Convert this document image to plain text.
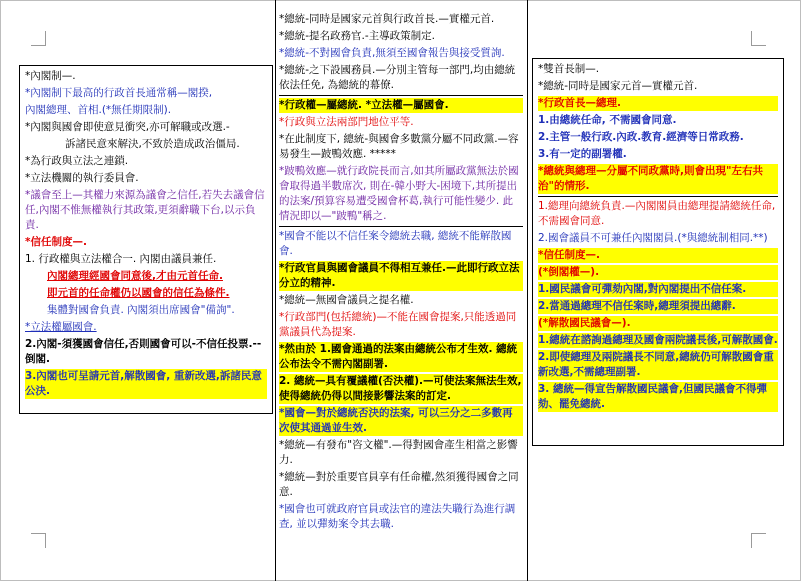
*內閣制—.

*內閣制下最高的行政首長通常稱—閣揆,

內閣總理、首相.(*無任期限制).

*內閣與國會即使意見衝突,亦可解職或改選.-

訴諸民意來解決,不致於造成政治僵局.

*為行政與立法之連鎖.

*立法機關的執行委員會.

*議會至上—其權力來源為議會之信任,若失去議會信任,內閣不惟無權執行其政策,更須辭職下台,以示負責.

*信任制度—.

1. 行政權與立法權合一. 內閣由議員兼任.

內閣總理經國會同意後,才由元首任命.

即元首的任命權仍以國會的信任為條件.

集體對國會負責. 內閣須出席國會"備詢".

*立法權屬國會.

2.內閣-須獲國會信任,否則國會可以-不信任投票.--倒閣.

3.內閣也可呈請元首,解散國會, 重新改選,訴諸民意公決.

*總統-同時是國家元首與行政首長.—實權元首.

*總統-提名政務官.-主導政策制定.

*總統-不對國會負責,無須至國會報告與接受質詢.

*總統-之下設國務員.—分別主管每一部門,均由總統依法任免, 為總統的幕僚.

*行政權—屬總統. *立法權—屬國會.

*行政與立法兩部門地位平等.

*在此制度下, 總統-與國會多數黨分屬不同政黨.—容易發生—跛鴨效應. *****

*跛鴨效應—就行政院長而言,如其所屬政黨無法於國會取得過半數席次, 則在-韓小野大-困境下,其所提出的法案/預算容易遭受國會杯葛,執行可能性變少. 此情況即以—"跛鴨"稱之.

*國會不能以不信任案令總統去職, 總統不能解散國會.

*行政官員與國會議員不得相互兼任.—此即行政立法分立的精神.

*總統—無國會議員之提名權.

*行政部門(包括總統)—不能在國會提案,只能透過同黨議員代為提案.

*然由於 1.國會通過的法案由總統公布才生效. 總統公布法令不需內閣副署.

2. 總統—具有覆議權(否決權).—可使法案無法生效,使得總統仍得以間接影響法案的訂定.

*國會—對於總統否決的法案, 可以三分之二多數再次使其通過並生效.

*總統—有發布"咨文權".—得對國會產生相當之影響力.

*總統—對於重要官員享有任命權,然須獲得國會之同意.

*國會也可就政府官員或法官的違法失職行為進行調查, 並以彈劾案令其去職.

*雙首長制—.

*總統-同時是國家元首—實權元首.

*行政首長—總理.

1.由總統任命, 不需國會同意.

2.主管一般行政.內政.教育.經濟等日常政務.

3.有一定的副署權.

*總統與總理—分屬不同政黨時,則會出現"左右共治"的情形.

1.總理向總統負責.—內閣閣員由總理提請總統任命,不需國會同意.

2.國會議員不可兼任內閣閣員.(*與總統制相同.**)

*信任制度—.

(*倒閣權—).

1.國民議會可彈劾內閣,對內閣提出不信任案.

2.當通過總理不信任案時,總理須提出總辭.

(*解散國民議會—).

1.總統在諮詢過總理及國會兩院議長後,可解散國會.

2.即使總理及兩院議長不同意,總統仍可解散國會重新改選,不需總理副署.

3. 總統—得宣告解散國民議會,但國民議會不得彈劾、罷免總統.
